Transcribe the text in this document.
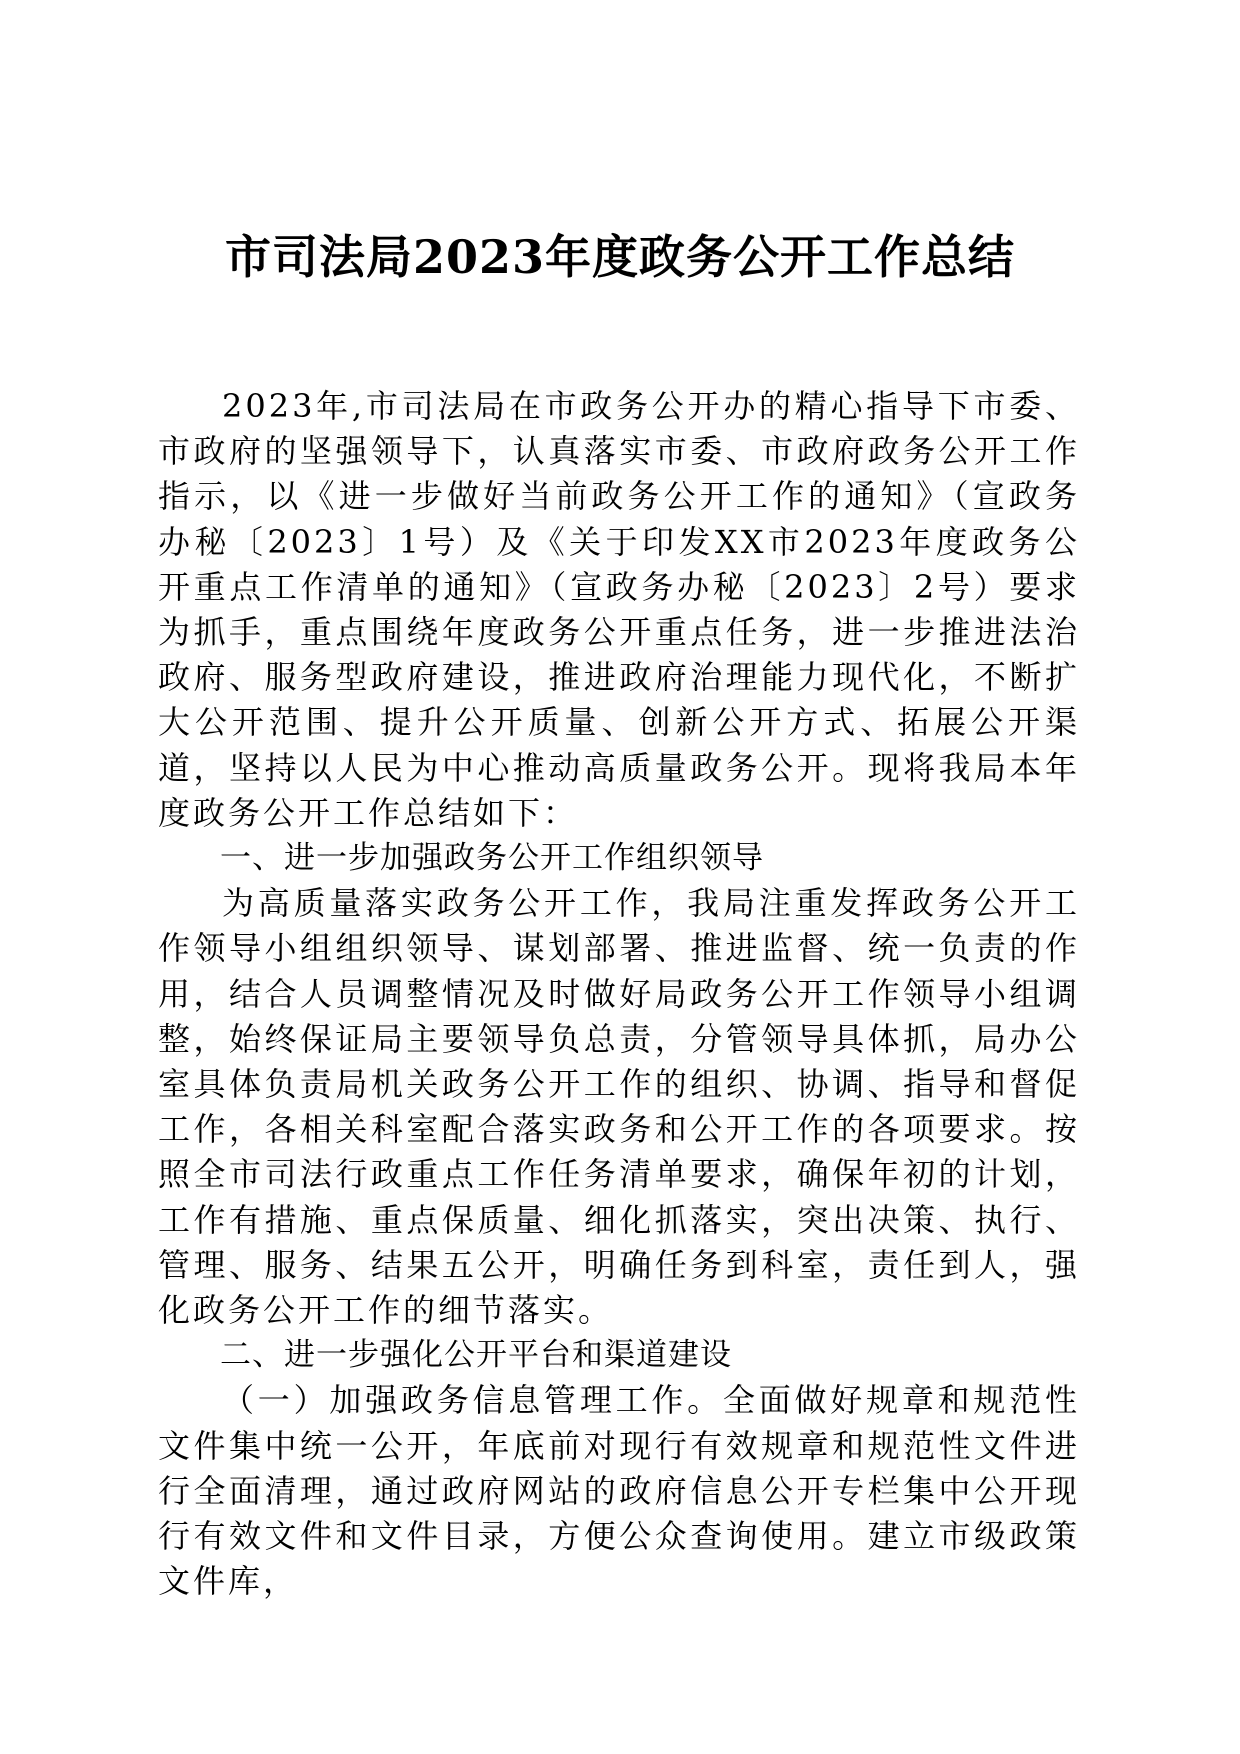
市司法局2023年度政务公开工作总结

2023年,市司法局在市政务公开办的精心指导下市委、市政府的坚强领导下，认真落实市委、市政府政务公开工作指示，以《进一步做好当前政务公开工作的通知》（宣政务办秘〔2023〕1号）及《关于印发XX市2023年度政务公开重点工作清单的通知》（宣政务办秘〔2023〕2号）要求为抓手，重点围绕年度政务公开重点任务，进一步推进法治政府、服务型政府建设，推进政府治理能力现代化，不断扩大公开范围、提升公开质量、创新公开方式、拓展公开渠道，坚持以人民为中心推动高质量政务公开。现将我局本年度政务公开工作总结如下：

一、进一步加强政务公开工作组织领导

为高质量落实政务公开工作，我局注重发挥政务公开工作领导小组组织领导、谋划部署、推进监督、统一负责的作用，结合人员调整情况及时做好局政务公开工作领导小组调整，始终保证局主要领导负总责，分管领导具体抓，局办公室具体负责局机关政务公开工作的组织、协调、指导和督促工作，各相关科室配合落实政务和公开工作的各项要求。按照全市司法行政重点工作任务清单要求，确保年初的计划，工作有措施、重点保质量、细化抓落实，突出决策、执行、管理、服务、结果五公开，明确任务到科室，责任到人，强化政务公开工作的细节落实。

二、进一步强化公开平台和渠道建设

（一）加强政务信息管理工作。全面做好规章和规范性文件集中统一公开，年底前对现行有效规章和规范性文件进行全面清理，通过政府网站的政府信息公开专栏集中公开现行有效文件和文件目录，方便公众查询使用。建立市级政策文件库，
